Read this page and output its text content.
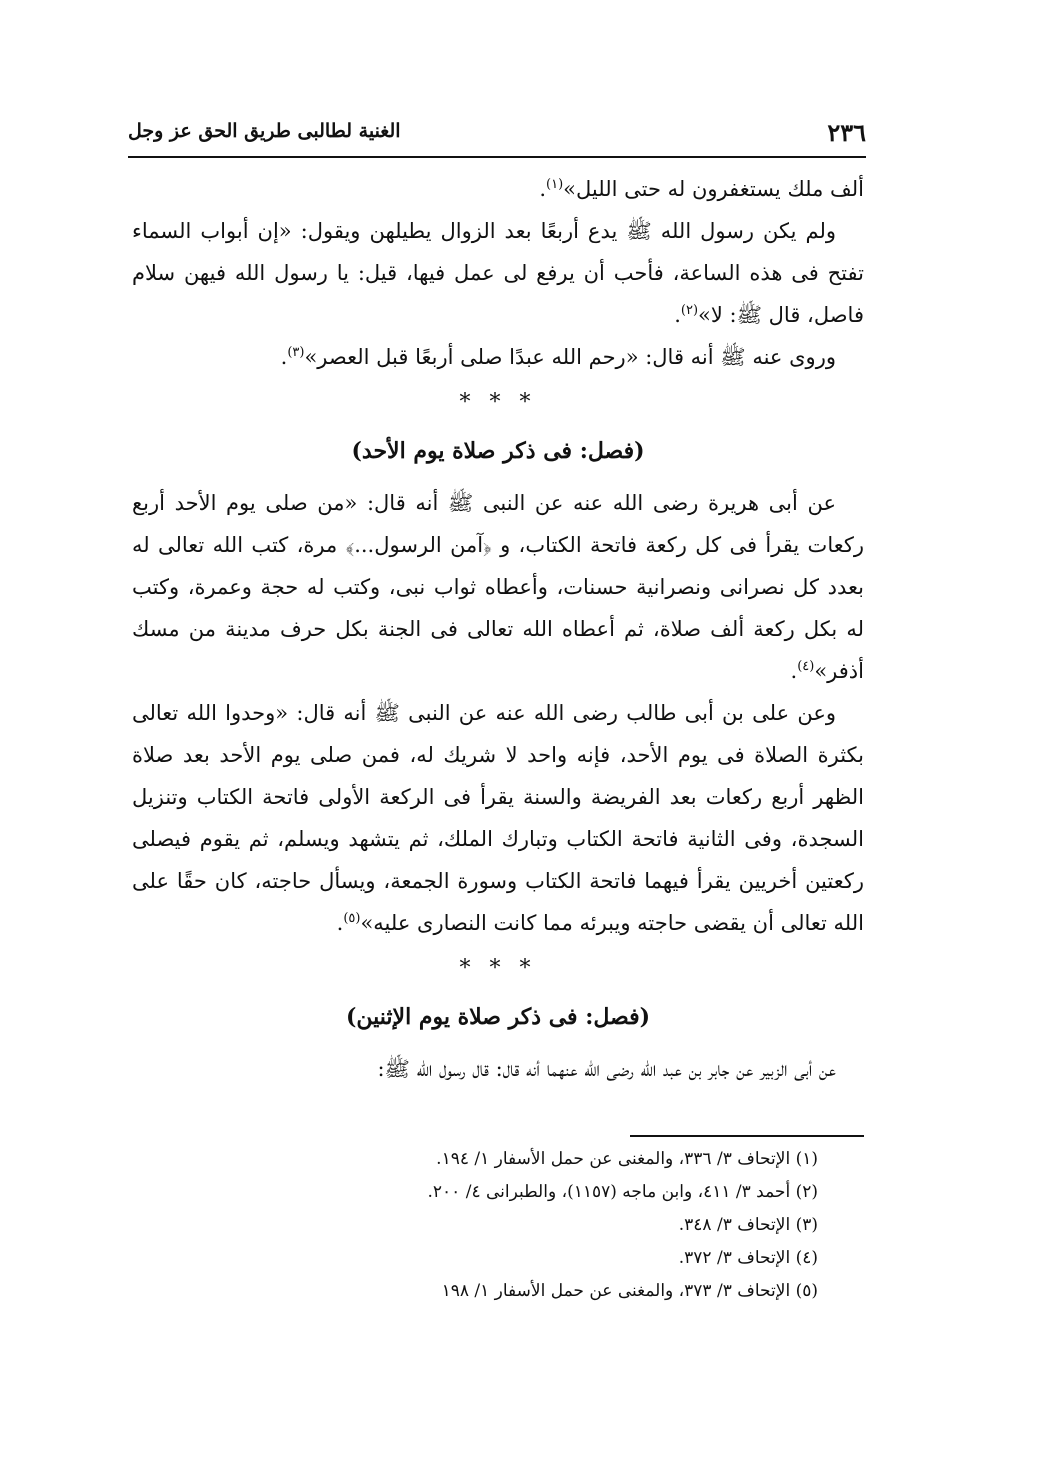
الغنية لطالبى طريق الحق عز وجل	٢٣٦

ألف ملك يستغفرون له حتى الليل»$^{(١)}$.

ولم يكن رسول الله ﷺ يدع أربعًا بعد الزوال يطيلهن ويقول: «إن أبواب السماء تفتح فى هذه الساعة، فأحب أن يرفع لى عمل فيها، قيل: يا رسول الله فيهن سلام فاصل، قال ﷺ: لا»$^{(٢)}$.

وروى عنه ﷺ أنه قال: «رحم الله عبدًا صلى أربعًا قبل العصر»$^{(٣)}$.

* * *
(فصل: فى ذكر صلاة يوم الأحد)

عن أبى هريرة رضى الله عنه عن النبى ﷺ أنه قال: «من صلى يوم الأحد أربع ركعات يقرأ فى كل ركعة فاتحة الكتاب، و ﴿آمن الرسول...﴾ مرة، كتب الله تعالى له بعدد كل نصرانى ونصرانية حسنات، وأعطاه ثواب نبى، وكتب له حجة وعمرة، وكتب له بكل ركعة ألف صلاة، ثم أعطاه الله تعالى فى الجنة بكل حرف مدينة من مسك أذفر»$^{(٤)}$.

وعن على بن أبى طالب رضى الله عنه عن النبى ﷺ أنه قال: «وحدوا الله تعالى بكثرة الصلاة فى يوم الأحد، فإنه واحد لا شريك له، فمن صلى يوم الأحد بعد صلاة الظهر أربع ركعات بعد الفريضة والسنة يقرأ فى الركعة الأولى فاتحة الكتاب وتنزيل السجدة، وفى الثانية فاتحة الكتاب وتبارك الملك، ثم يتشهد ويسلم، ثم يقوم فيصلى ركعتين أخريين يقرأ فيهما فاتحة الكتاب وسورة الجمعة، ويسأل حاجته، كان حقًا على الله تعالى أن يقضى حاجته ويبرئه مما كانت النصارى عليه»$^{(٥)}$.

* * *
(فصل: فى ذكر صلاة يوم الإثنين)

عن أبى الزبير عن جابر بن عبد الله رضى الله عنهما أنه قال: قال رسول الله ﷺ:

(١) الإتحاف ٣/ ٣٣٦، والمغنى عن حمل الأسفار ١/ ١٩٤.

(٢) أحمد ٣/ ٤١١، وابن ماجه (١١٥٧)، والطبرانى ٤/ ٢٠٠.

(٣) الإتحاف ٣/ ٣٤٨.

(٤) الإتحاف ٣/ ٣٧٢.

(٥) الإتحاف ٣/ ٣٧٣، والمغنى عن حمل الأسفار ١/ ١٩٨
